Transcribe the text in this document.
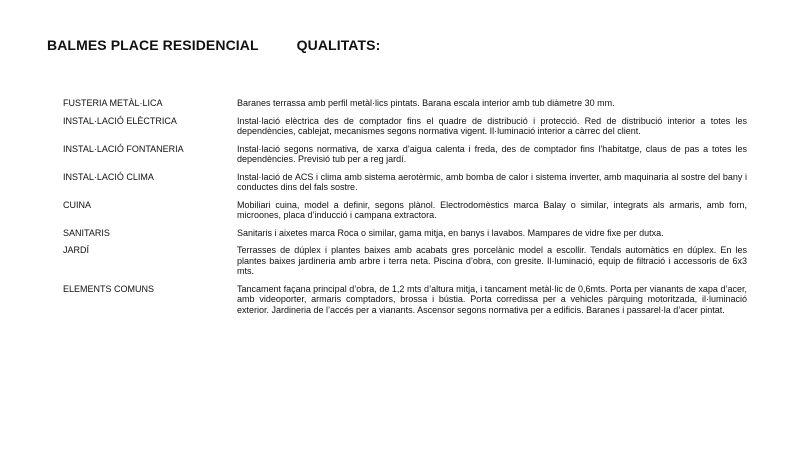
BALMES PLACE RESIDENCIAL	QUALITATS:
FUSTERIA METÀL·LICA	Baranes terrassa amb perfil metàl·lics pintats. Barana escala interior amb tub diàmetre 30 mm.
INSTAL·LACIÓ ELÈCTRICA	Instal·lació elèctrica des de comptador fins el quadre de distribució i protecció. Red de distribució interior a totes les dependències, cablejat, mecanismes segons normativa vigent. Il·luminació interior a càrrec del client.
INSTAL·LACIÓ FONTANERIA	Instal·lació segons normativa, de xarxa d’aigua calenta i freda, des de comptador fins l’habitatge, claus de pas a totes les dependències. Previsió tub per a reg jardí.
INSTAL·LACIÓ CLIMA	Instal·lació de ACS i clima amb sistema aerotèrmic, amb bomba de calor i sistema inverter, amb maquinaria al sostre del bany i conductes dins del fals sostre.
CUINA	Mobiliari cuina, model a definir, segons plànol. Electrodomèstics marca Balay o similar, integrats als armaris, amb forn, microones, placa d’inducció i campana extractora.
SANITARIS	Sanitaris i aixetes marca Roca o similar, gama mitja, en banys i lavabos. Mampares de vidre fixe per dutxa.
JARDÍ	Terrasses de dúplex i plantes baixes amb acabats gres porcelànic model a escollir. Tendals automàtics en dúplex. En les plantes baixes jardineria amb arbre i terra neta. Piscina d’obra, con gresite. Il·luminació, equip de filtració i accessoris de 6x3 mts.
ELEMENTS COMUNS	Tancament façana principal d’obra, de 1,2 mts d’altura mitja, i tancament metàl·lic de 0,6mts. Porta per vianants de xapa d’acer, amb videoporter, armaris comptadors, brossa i bústia. Porta corredissa per a vehicles pàrquing motoritzada, il·luminació exterior. Jardineria de l’accés per a vianants. Ascensor segons normativa per a edificis. Baranes i passarel·la d’acer pintat.
